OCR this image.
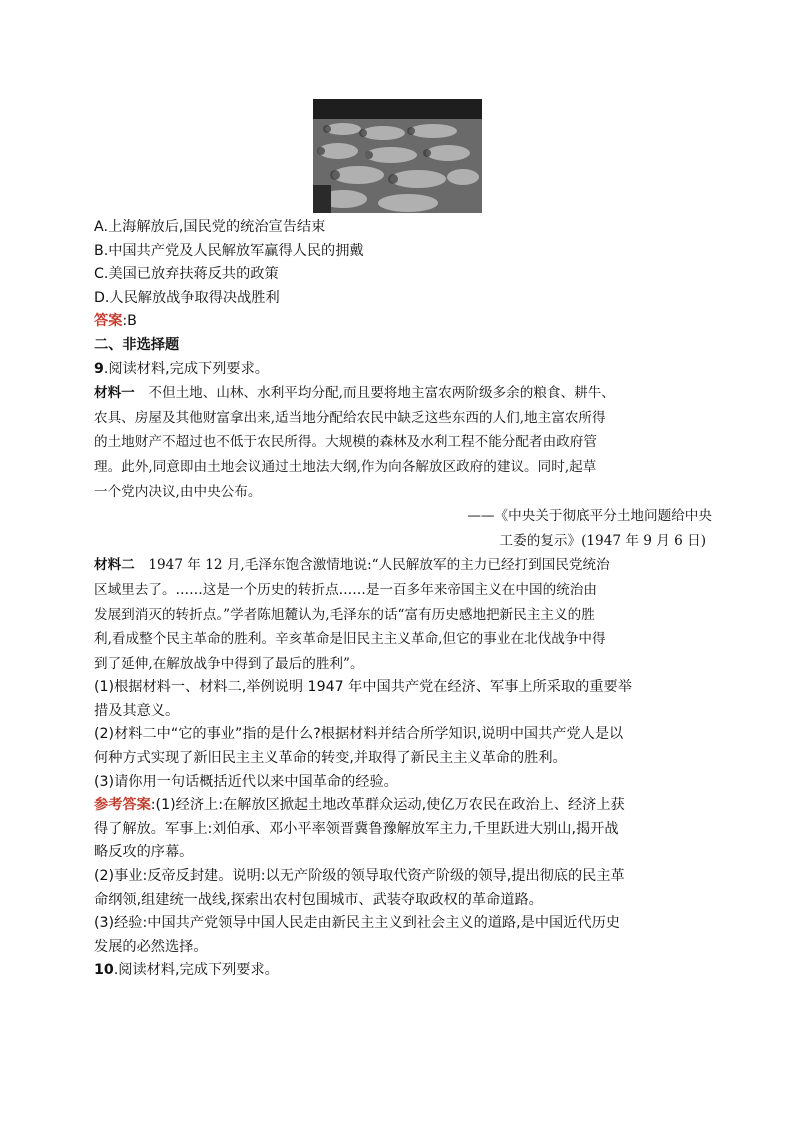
A.上海解放后,国民党的统治宣告结束
B.中国共产党及人民解放军赢得人民的拥戴
C.美国已放弃扶蒋反共的政策
D.人民解放战争取得决战胜利
答案:B
二、非选择题
9.阅读材料,完成下列要求。
材料一　不但土地、山林、水利平均分配,而且要将地主富农两阶级多余的粮食、耕牛、
农具、房屋及其他财富拿出来,适当地分配给农民中缺乏这些东西的人们,地主富农所得
的土地财产不超过也不低于农民所得。大规模的森林及水利工程不能分配者由政府管
理。此外,同意即由土地会议通过土地法大纲,作为向各解放区政府的建议。同时,起草
一个党内决议,由中央公布。
——《中央关于彻底平分土地问题给中央
工委的复示》(1947 年 9 月 6 日)
材料二　1947 年 12 月,毛泽东饱含激情地说:“人民解放军的主力已经打到国民党统治
区域里去了。……这是一个历史的转折点……是一百多年来帝国主义在中国的统治由
发展到消灭的转折点。”学者陈旭麓认为,毛泽东的话“富有历史感地把新民主主义的胜
利,看成整个民主革命的胜利。辛亥革命是旧民主主义革命,但它的事业在北伐战争中得
到了延伸,在解放战争中得到了最后的胜利”。
(1)根据材料一、材料二,举例说明 1947 年中国共产党在经济、军事上所采取的重要举
措及其意义。
(2)材料二中“它的事业”指的是什么?根据材料并结合所学知识,说明中国共产党人是以
何种方式实现了新旧民主主义革命的转变,并取得了新民主主义革命的胜利。
(3)请你用一句话概括近代以来中国革命的经验。
参考答案:(1)经济上:在解放区掀起土地改革群众运动,使亿万农民在政治上、经济上获
得了解放。军事上:刘伯承、邓小平率领晋冀鲁豫解放军主力,千里跃进大别山,揭开战
略反攻的序幕。
(2)事业:反帝反封建。说明:以无产阶级的领导取代资产阶级的领导,提出彻底的民主革
命纲领,组建统一战线,探索出农村包围城市、武装夺取政权的革命道路。
(3)经验:中国共产党领导中国人民走由新民主主义到社会主义的道路,是中国近代历史
发展的必然选择。
10.阅读材料,完成下列要求。
